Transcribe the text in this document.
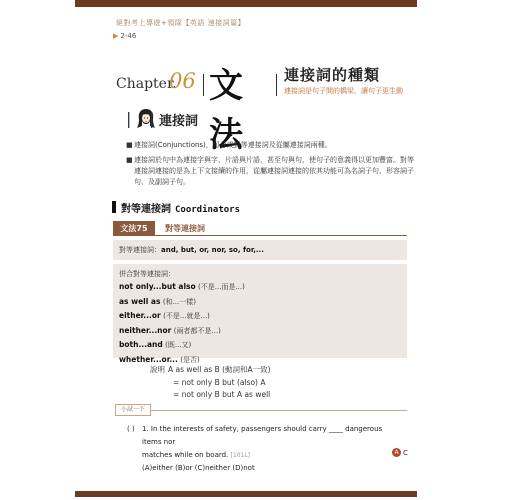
絕對考上導遊+領隊【英語 速接詞篇】
▶ 2-46
Chapter.
06 文法
連接詞的種類
連接詞是句子間的橋梁，讓句子更生動
| | 連接詞
■ 連接詞(Conjunctions)，可分成對等連接詞及從屬連接詞兩種。
■ 連接詞於句中為連接字與字、片語與片語，甚至句與句，使句子的意義得以更加豐富。對等連接詞連接的是為上下文接續的作用，從屬連接詞連接的依其功能可為名詞子句、形容詞子句、及副詞子句。
對等連接詞 Coordinators
文法75	對等連接詞
對等連接詞：and, but, or, nor, so, for,...
併合對等連接詞：
not only...but also (不是...而是...)
as well as (和...一樣)
either...or (不是...就是...)
neither...nor (兩者都不是...)
both...and (既...又)
whether...or... (是否)
說明 A as well as B (動詞和A一致)
= not only B but (also) A
= not only B but A as well
小試一下
( ) 1. In the interests of safety, passengers should carry ____ dangerous items nor
matches while on board. [101L]
(A)either (B)or (C)neither (D)not
A C
